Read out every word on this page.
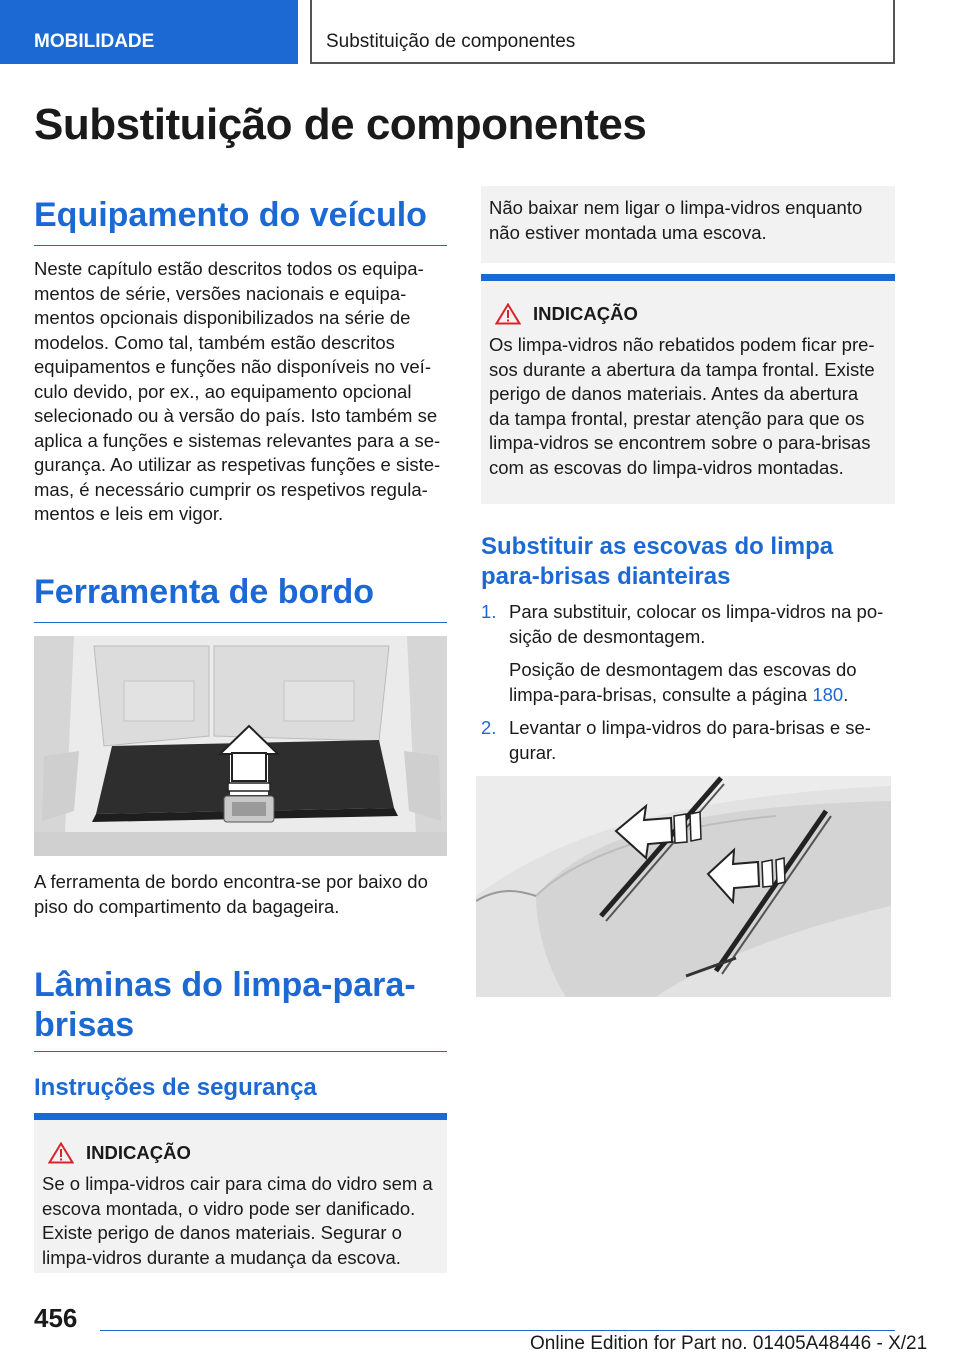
MOBILIDADE	Substituição de componentes
Substituição de componentes
Equipamento do veículo
Neste capítulo estão descritos todos os equipa‐
mentos de série, versões nacionais e equipa‐
mentos opcionais disponibilizados na série de
modelos. Como tal, também estão descritos
equipamentos e funções não disponíveis no veí‐
culo devido, por ex., ao equipamento opcional
selecionado ou à versão do país. Isto também se
aplica a funções e sistemas relevantes para a se‐
gurança. Ao utilizar as respetivas funções e siste‐
mas, é necessário cumprir os respetivos regula‐
mentos e leis em vigor.
Ferramenta de bordo
A ferramenta de bordo encontra-se por baixo do
piso do compartimento da bagageira.
Lâminas do limpa-para-
brisas
Instruções de segurança
INDICAÇÃO
Se o limpa-vidros cair para cima do vidro sem a
escova montada, o vidro pode ser danificado.
Existe perigo de danos materiais. Segurar o
limpa-vidros durante a mudança da escova.
Não baixar nem ligar o limpa-vidros enquanto
não estiver montada uma escova.
INDICAÇÃO
Os limpa-vidros não rebatidos podem ficar pre‐
sos durante a abertura da tampa frontal. Existe
perigo de danos materiais. Antes da abertura
da tampa frontal, prestar atenção para que os
limpa-vidros se encontrem sobre o para-brisas
com as escovas do limpa-vidros montadas.
Substituir as escovas do limpa
para-brisas dianteiras
1. Para substituir, colocar os limpa-vidros na po‐
sição de desmontagem.
Posição de desmontagem das escovas do
limpa-para-brisas, consulte a página 180.
2. Levantar o limpa-vidros do para-brisas e se‐
gurar.
456
Online Edition for Part no. 01405A48446 - X/21
